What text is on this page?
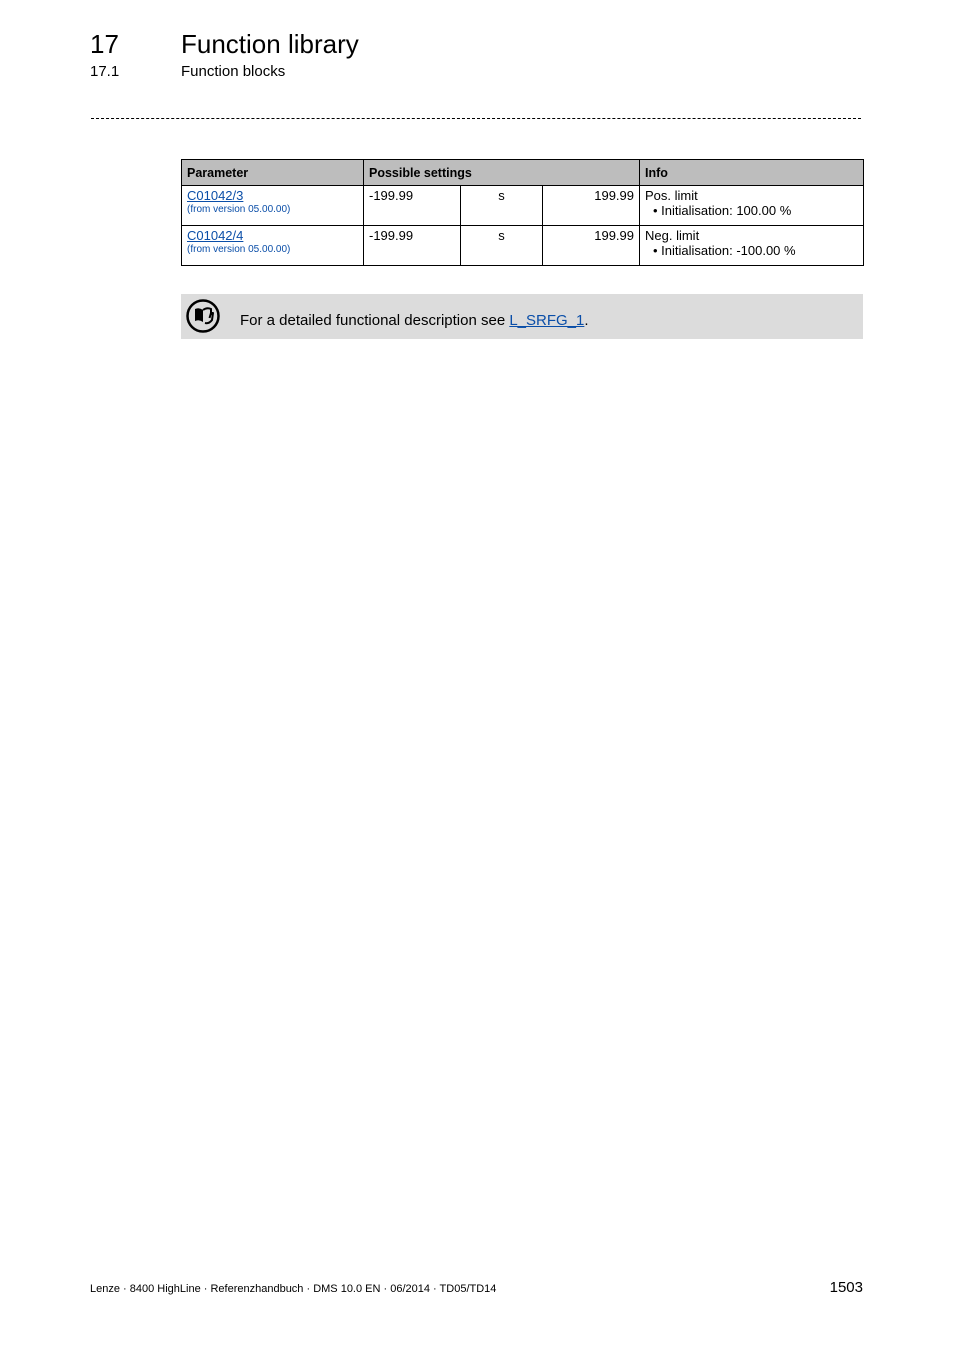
17 Function library
17.1	Function blocks
Parameter	Possible settings			Info
C01042/3
(from version 05.00.00)	-199.99	s	199.99	Pos. limit
• Initialisation: 100.00 %

C01042/4
(from version 05.00.00)	-199.99	s	199.99	Neg. limit
• Initialisation: -100.00 %
For a detailed functional description see L_SRFG_1.
Lenze · 8400 HighLine · Referenzhandbuch · DMS 10.0 EN · 06/2014 · TD05/TD14	1503
